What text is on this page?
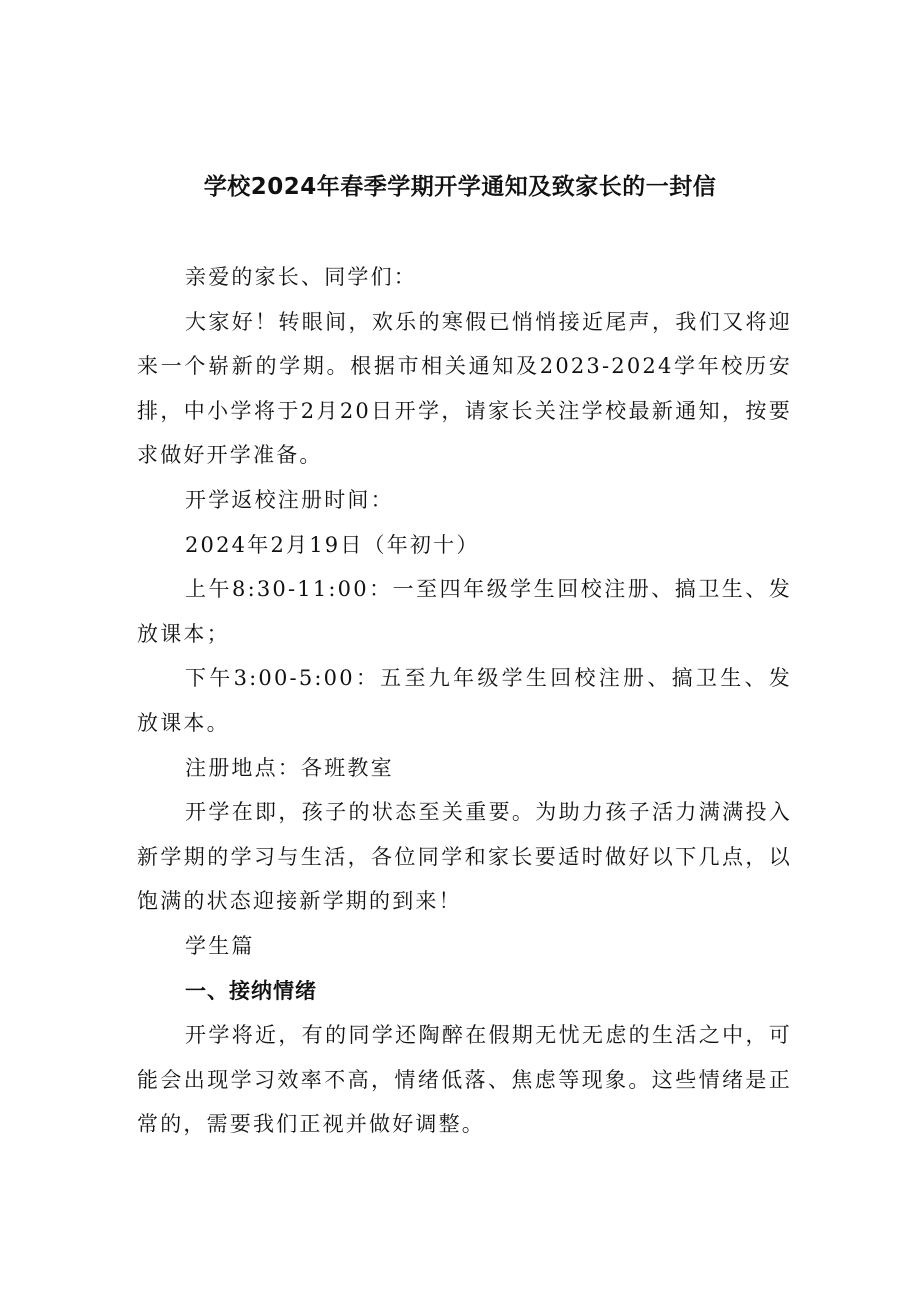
学校2024年春季学期开学通知及致家长的一封信

亲爱的家长、同学们：

大家好！转眼间，欢乐的寒假已悄悄接近尾声，我们又将迎来一个崭新的学期。根据市相关通知及2023-2024学年校历安排，中小学将于2月20日开学，请家长关注学校最新通知，按要求做好开学准备。

开学返校注册时间：

2024年2月19日（年初十）

上午8:30-11:00：一至四年级学生回校注册、搞卫生、发放课本；

下午3:00-5:00：五至九年级学生回校注册、搞卫生、发放课本。

注册地点：各班教室

开学在即，孩子的状态至关重要。为助力孩子活力满满投入新学期的学习与生活，各位同学和家长要适时做好以下几点，以饱满的状态迎接新学期的到来！

学生篇

一、接纳情绪

开学将近，有的同学还陶醉在假期无忧无虑的生活之中，可能会出现学习效率不高，情绪低落、焦虑等现象。这些情绪是正常的，需要我们正视并做好调整。
